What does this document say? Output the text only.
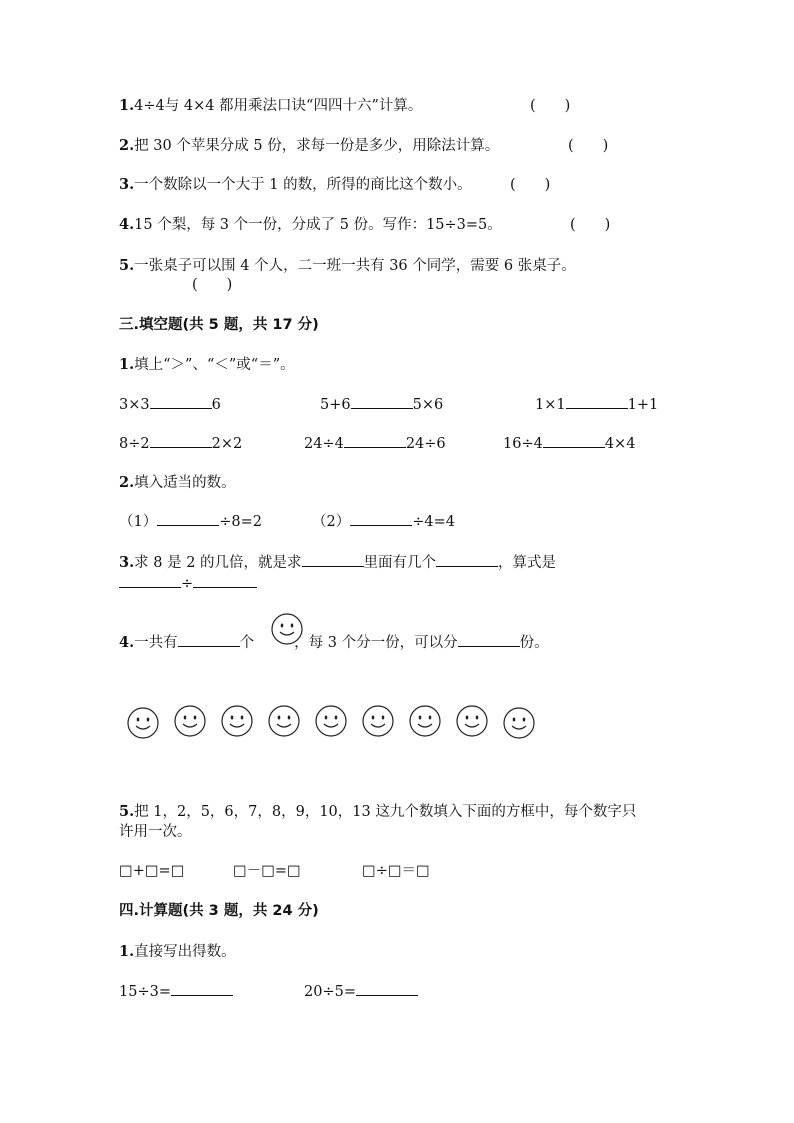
1.4÷4与 4×4 都用乘法口诀“四四十六”计算。	(　　)
2.把 30 个苹果分成 5 份，求每一份是多少，用除法计算。	(　　)
3.一个数除以一个大于 1 的数，所得的商比这个数小。	(　　)
4.15 个梨，每 3 个一份，分成了 5 份。写作：15÷3=5。	(　　)
5.一张桌子可以围 4 个人，二一班一共有 36 个同学，需要 6 张桌子。
(　　)
三.填空题(共 5 题，共 17 分)
1.填上“＞”、“＜”或“＝”。
3×3	6	5+6	5×6	1×1	1+1
8÷2	2×2	24÷4	24÷6	16÷4	4×4
2.填入适当的数。
（1）	÷8=2	（2）	÷4=4
3.求 8 是 2 的几倍，就是求	里面有几个	，算式是
÷
4.一共有	个	，每 3 个分一份，可以分	份。
5.把 1，2，5，6，7，8，9，10，13 这九个数填入下面的方框中，每个数字只
许用一次。
□+□=□	□－□=□	□÷□＝□
四.计算题(共 3 题，共 24 分)
1.直接写出得数。
15÷3=	20÷5=
